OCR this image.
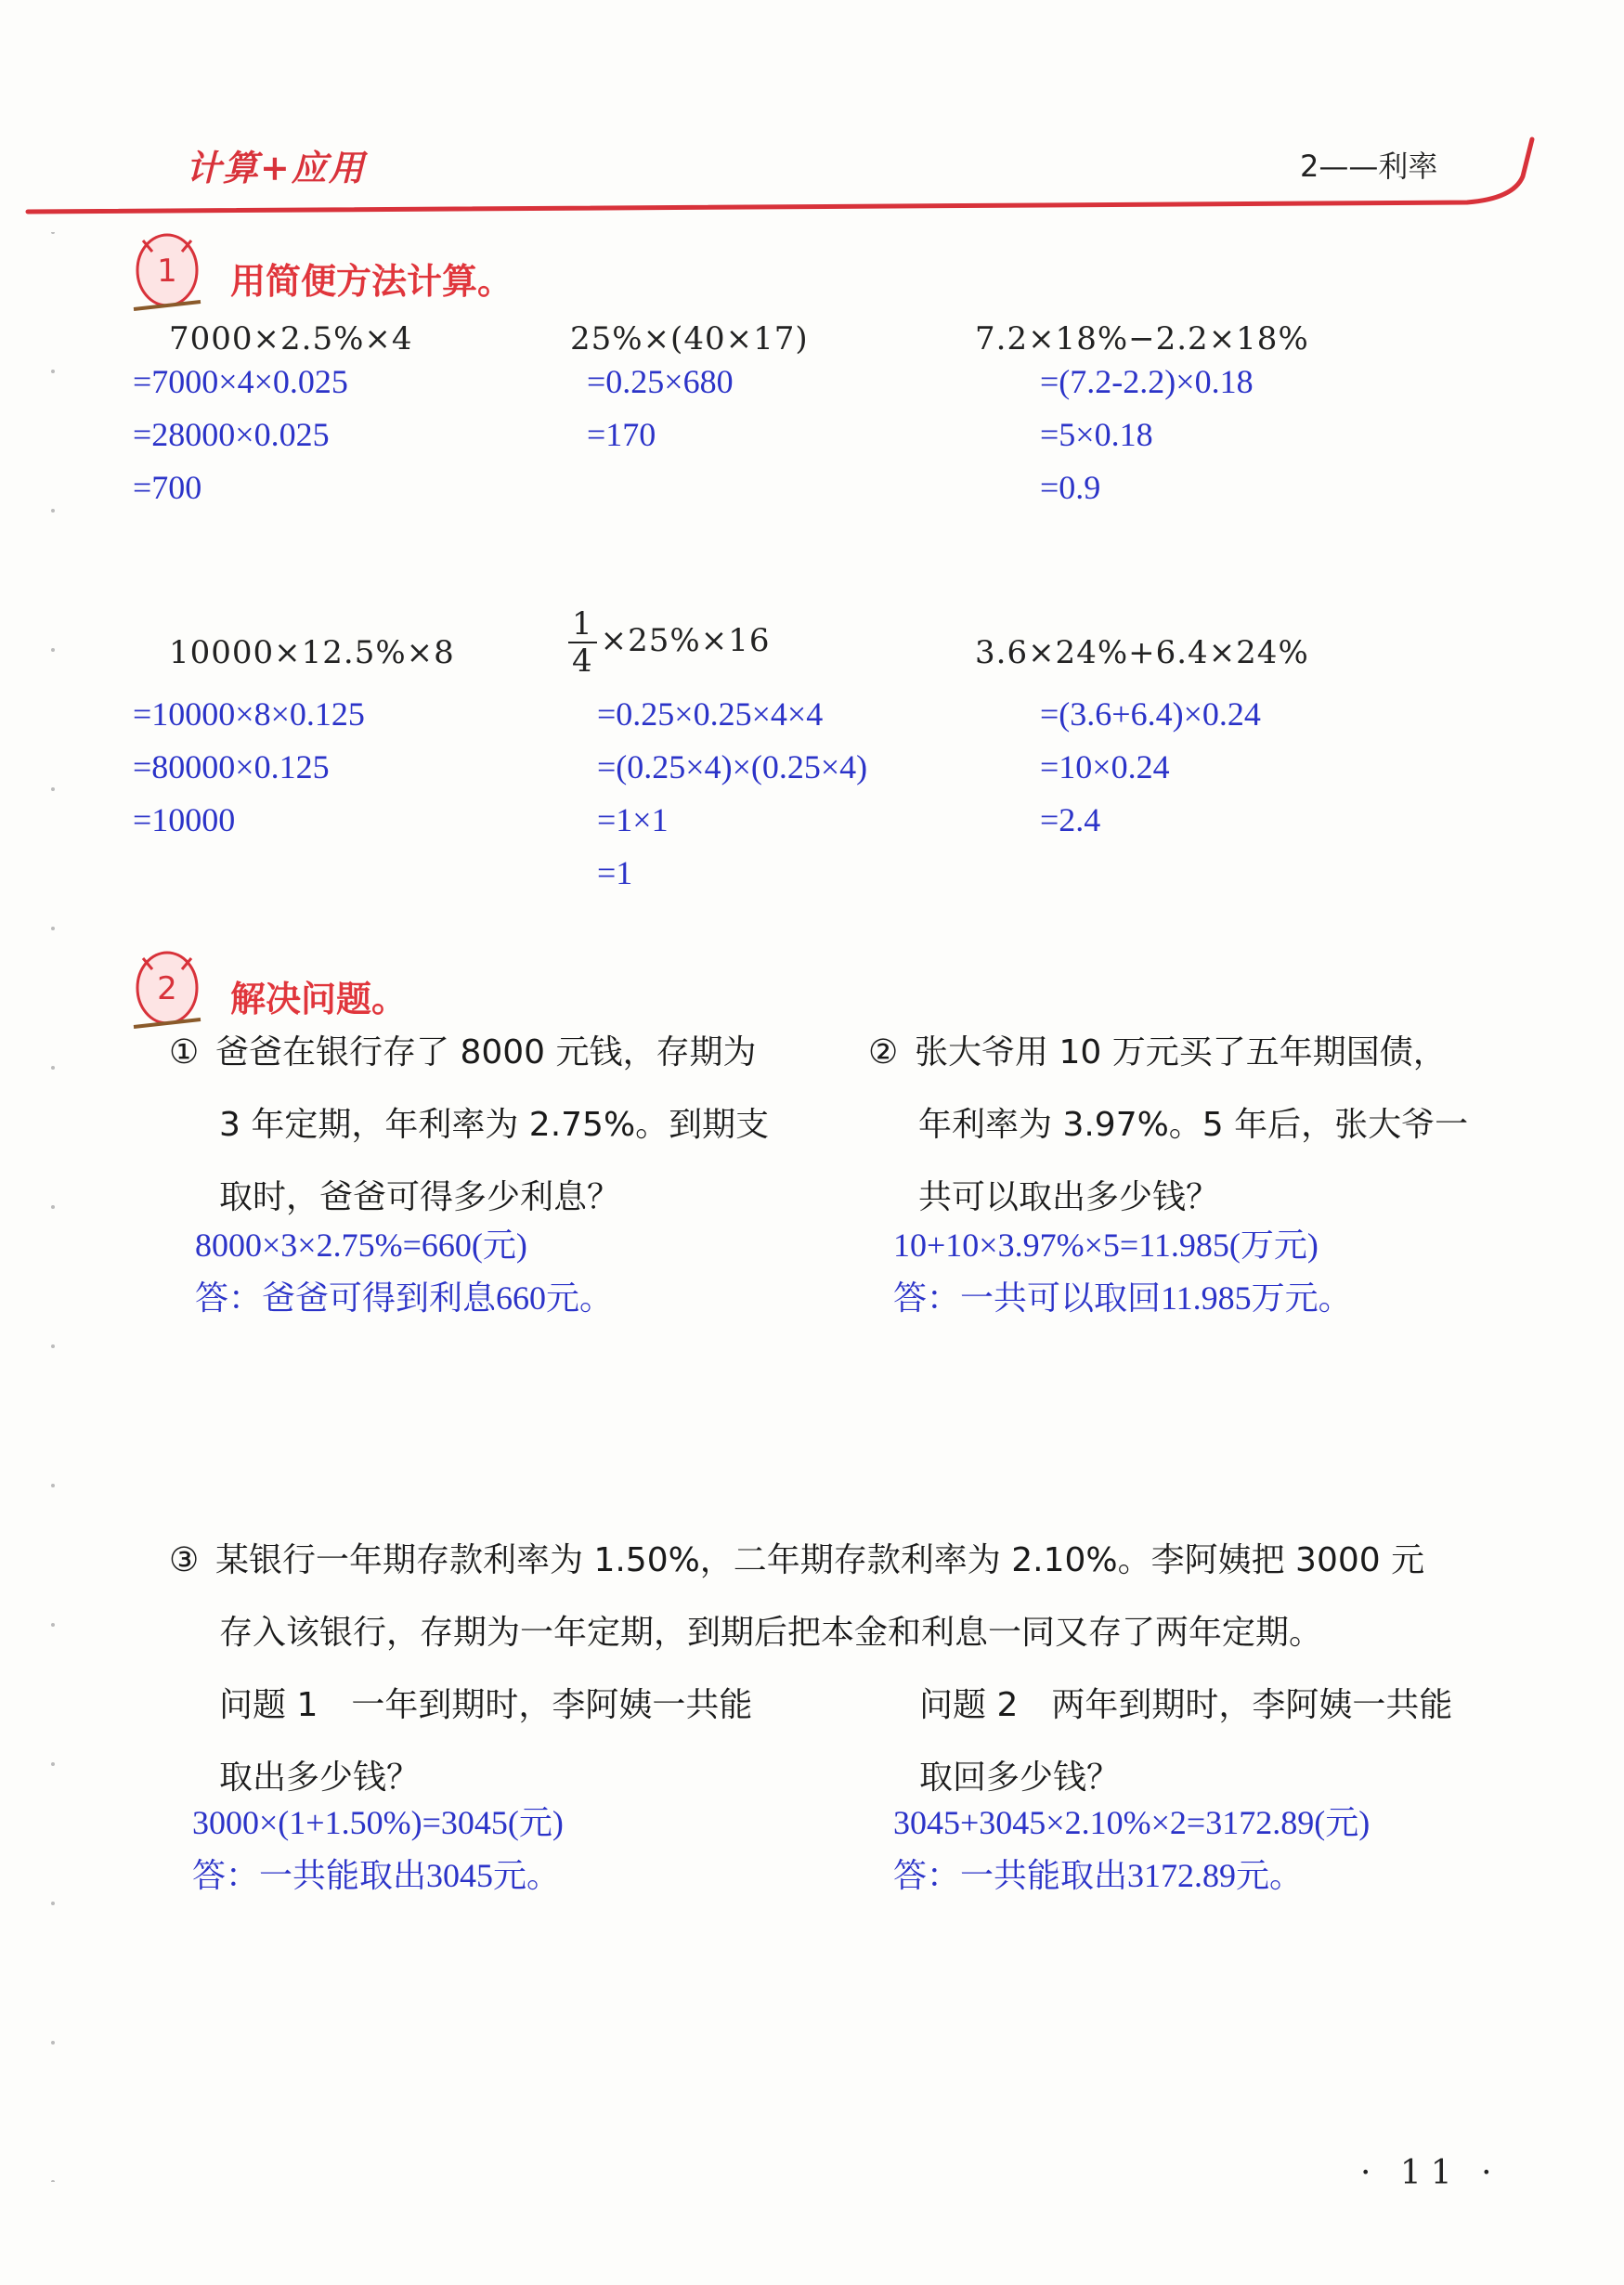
计算+应用	2——利率
1 用简便方法计算。
7000×2.5%×4
=7000×4×0.025
=28000×0.025
=700
25%×(40×17)
=0.25×680
=170
7.2×18%−2.2×18%
=(7.2-2.2)×0.18
=5×0.18
=0.9
10000×12.5%×8
=10000×8×0.125
=80000×0.125
=10000
$\frac{1}{4} \times 25\%\times 16$
=0.25×0.25×4×4
=(0.25×4)×(0.25×4)
=1×1
=1
3.6×24%+6.4×24%
=(3.6+6.4)×0.24
=10×0.24
=2.4
2 解决问题。
① 爸爸在银行存了 8000 元钱，存期为
3 年定期，年利率为 2.75%。到期支
取时，爸爸可得多少利息？
8000×3×2.75%=660(元)
答：爸爸可得到利息660元。
② 张大爷用 10 万元买了五年期国债，
年利率为 3.97%。5 年后，张大爷一
共可以取出多少钱？
10+10×3.97%×5=11.985(万元)
答：一共可以取回11.985万元。
③ 某银行一年期存款利率为 1.50%，二年期存款利率为 2.10%。李阿姨把 3000 元
存入该银行，存期为一年定期，到期后把本金和利息一同又存了两年定期。
问题 1　一年到期时，李阿姨一共能
取出多少钱？
3000×(1+1.50%)=3045(元)
答：一共能取出3045元。
问题 2　两年到期时，李阿姨一共能
取回多少钱？
3045+3045×2.10%×2=3172.89(元)
答：一共能取出3172.89元。
· 11 ·
